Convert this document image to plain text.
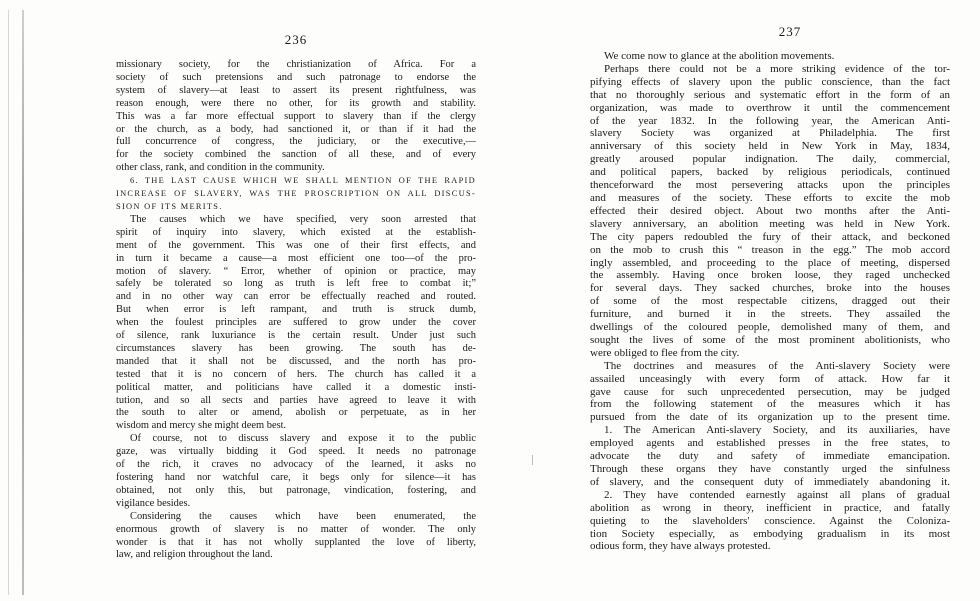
236
missionary society, for the christianization of Africa. For a
society of such pretensions and such patronage to endorse the
system of slavery—at least to assert its present rightfulness, was
reason enough, were there no other, for its growth and stability.
This was a far more effectual support to slavery than if the clergy
or the church, as a body, had sanctioned it, or than if it had the
full concurrence of congress, the judiciary, or the executive,—
for the society combined the sanction of all these, and of every
other class, rank, and condition in the community.
6. THE LAST CAUSE WHICH WE SHALL MENTION OF THE RAPID
INCREASE OF SLAVERY, WAS THE PROSCRIPTION ON ALL DISCUS-
SION OF ITS MERITS.
The causes which we have specified, very soon arrested that
spirit of inquiry into slavery, which existed at the establish-
ment of the government. This was one of their first effects, and
in turn it became a cause—a most efficient one too—of the pro-
motion of slavery. “ Error, whether of opinion or practice, may
safely be tolerated so long as truth is left free to combat it;”
and in no other way can error be effectually reached and routed.
But when error is left rampant, and truth is struck dumb,
when the foulest principles are suffered to grow under the cover
of silence, rank luxuriance is the certain result. Under just such
circumstances slavery has been growing. The south has de-
manded that it shall not be discussed, and the north has pro-
tested that it is no concern of hers. The church has called it a
political matter, and politicians have called it a domestic insti-
tution, and so all sects and parties have agreed to leave it with
the south to alter or amend, abolish or perpetuate, as in her
wisdom and mercy she might deem best.
Of course, not to discuss slavery and expose it to the public
gaze, was virtually bidding it God speed. It needs no patronage
of the rich, it craves no advocacy of the learned, it asks no
fostering hand nor watchful care, it begs only for silence—it has
obtained, not only this, but patronage, vindication, fostering, and
vigilance besides.
Considering the causes which have been enumerated, the
enormous growth of slavery is no matter of wonder. The only
wonder is that it has not wholly supplanted the love of liberty,
law, and religion throughout the land.
237
We come now to glance at the abolition movements.
Perhaps there could not be a more striking evidence of the tor-
pifying effects of slavery upon the public conscience, than the fact
that no thoroughly serious and systematic effort in the form of an
organization, was made to overthrow it until the commencement
of the year 1832. In the following year, the American Anti-
slavery Society was organized at Philadelphia. The first
anniversary of this society held in New York in May, 1834,
greatly aroused popular indignation. The daily, commercial,
and political papers, backed by religious periodicals, continued
thenceforward the most persevering attacks upon the principles
and measures of the society. These efforts to excite the mob
effected their desired object. About two months after the Anti-
slavery anniversary, an abolition meeting was held in New York.
The city papers redoubled the fury of their attack, and beckoned
on the mob to crush this “ treason in the egg.” The mob accord
ingly assembled, and proceeding to the place of meeting, dispersed
the assembly. Having once broken loose, they raged unchecked
for several days. They sacked churches, broke into the houses
of some of the most respectable citizens, dragged out their
furniture, and burned it in the streets. They assailed the
dwellings of the coloured people, demolished many of them, and
sought the lives of some of the most prominent abolitionists, who
were obliged to flee from the city.
The doctrines and measures of the Anti-slavery Society were
assailed unceasingly with every form of attack. How far it
gave cause for such unprecedented persecution, may be judged
from the following statement of the measures which it has
pursued from the date of its organization up to the present time.
1. The American Anti-slavery Society, and its auxiliaries, have
employed agents and established presses in the free states, to
advocate the duty and safety of immediate emancipation.
Through these organs they have constantly urged the sinfulness
of slavery, and the consequent duty of immediately abandoning it.
2. They have contended earnestly against all plans of gradual
abolition as wrong in theory, inefficient in practice, and fatally
quieting to the slaveholders' conscience. Against the Coloniza-
tion Society especially, as embodying gradualism in its most
odious form, they have always protested.
